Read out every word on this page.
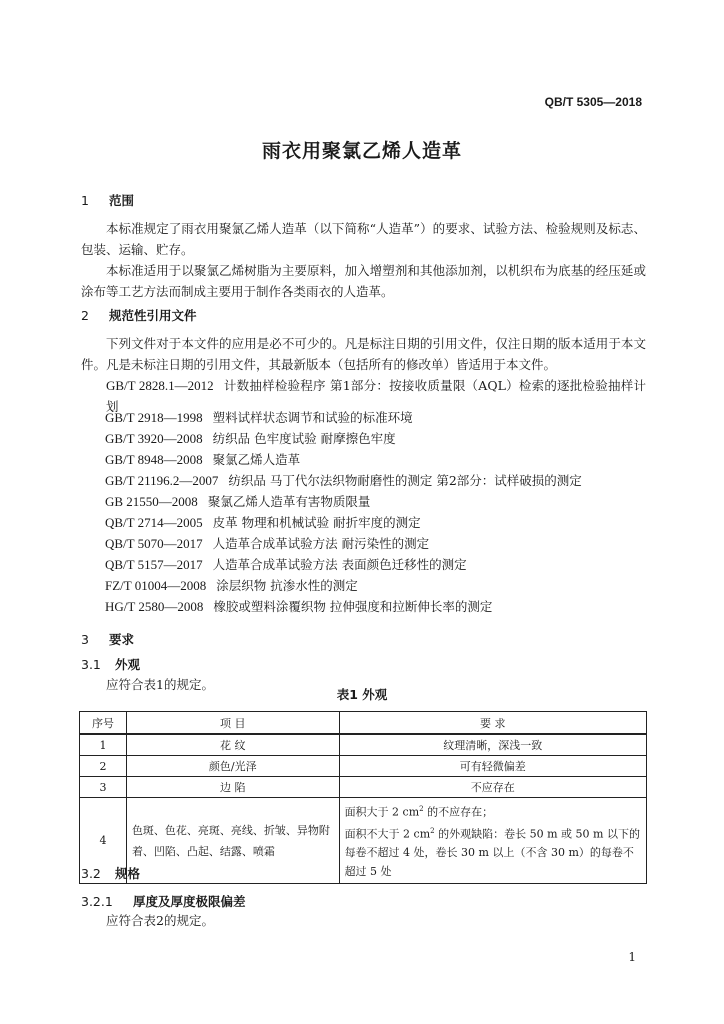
QB/T 5305—2018
雨衣用聚氯乙烯人造革
1 范围
本标准规定了雨衣用聚氯乙烯人造革（以下简称“人造革”）的要求、试验方法、检验规则及标志、包装、运输、贮存。
本标准适用于以聚氯乙烯树脂为主要原料，加入增塑剂和其他添加剂，以机织布为底基的经压延或涂布等工艺方法而制成主要用于制作各类雨衣的人造革。
2 规范性引用文件
下列文件对于本文件的应用是必不可少的。凡是标注日期的引用文件，仅注日期的版本适用于本文件。凡是未标注日期的引用文件，其最新版本（包括所有的修改单）皆适用于本文件。
GB/T 2828.1—2012 计数抽样检验程序 第1部分：按接收质量限（AQL）检索的逐批检验抽样计划
GB/T 2918—1998 塑料试样状态调节和试验的标准环境
GB/T 3920—2008 纺织品 色牢度试验 耐摩擦色牢度
GB/T 8948—2008 聚氯乙烯人造革
GB/T 21196.2—2007 纺织品 马丁代尔法织物耐磨性的测定 第2部分：试样破损的测定
GB 21550—2008 聚氯乙烯人造革有害物质限量
QB/T 2714—2005 皮革 物理和机械试验 耐折牢度的测定
QB/T 5070—2017 人造革合成革试验方法 耐污染性的测定
QB/T 5157—2017 人造革合成革试验方法 表面颜色迁移性的测定
FZ/T 01004—2008 涂层织物 抗渗水性的测定
HG/T 2580—2008 橡胶或塑料涂覆织物 拉伸强度和拉断伸长率的测定
3 要求
3.1 外观
应符合表1的规定。
表1 外观
序号	项 目	要 求
1	花 纹	纹理清晰，深浅一致
2	颜色/光泽	可有轻微偏差
3	边 陷	不应存在
4	色斑、色花、亮斑、亮线、折皱、异物附着、凹陷、凸起、结露、喷霜	面积大于 2 $cm^2$ 的不应存在；
面积不大于 2 $cm^2$ 的外观缺陷：卷长 50 m 或 50 m 以下的每卷不超过 4 处，卷长 30 m 以上（不含 30 m）的每卷不超过 5 处
3.2 规格
3.2.1 厚度及厚度极限偏差
应符合表2的规定。
1
